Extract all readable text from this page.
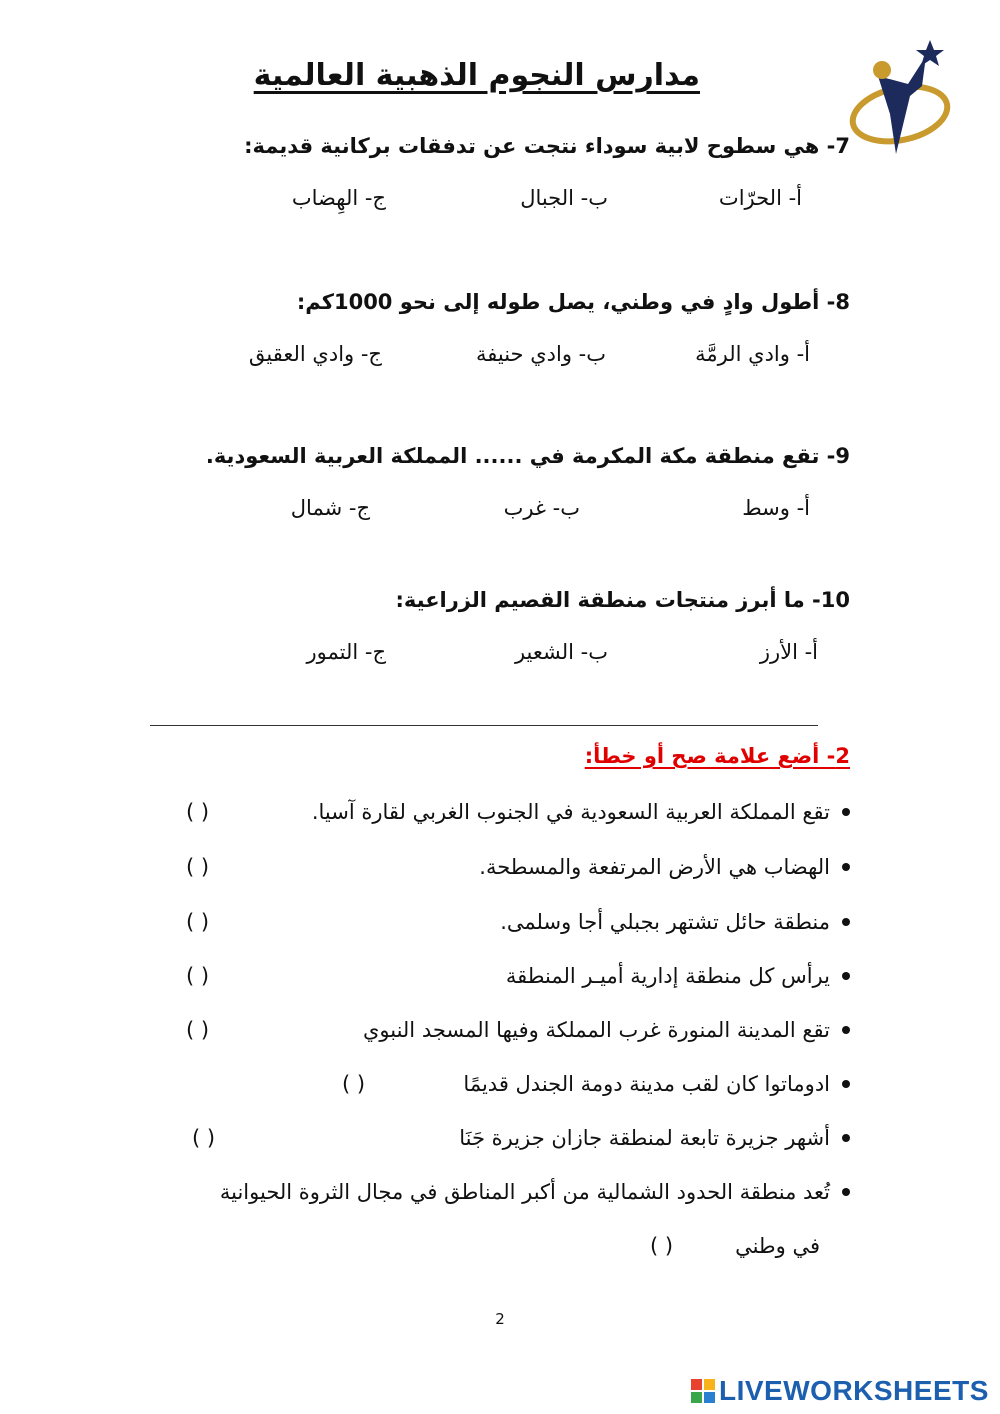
مدارس النجوم الذهبية العالمية
7- هي سطوح لابية سوداء نتجت عن تدفقات بركانية قديمة:
أ- الحرّات
ب- الجبال
ج- الهِضاب
8- أطول وادٍ في وطني، يصل طوله إلى نحو 1000كم:
أ- وادي الرمَّة
ب- وادي حنيفة
ج- وادي العقيق
9- تقع منطقة مكة المكرمة في ...... المملكة العربية السعودية.
أ- وسط
ب- غرب
ج- شمال
10- ما أبرز منتجات منطقة القصيم الزراعية:
أ- الأرز
ب- الشعير
ج- التمور
2- أضع علامة صح أو خطأ:
تقع المملكة العربية السعودية في الجنوب الغربي لقارة آسيا.
( )
الهضاب هي الأرض المرتفعة والمسطحة.
( )
منطقة حائل تشتهر بجبلي أجا وسلمى.
( )
يرأس كل منطقة إدارية أميـر المنطقة
( )
تقع المدينة المنورة غرب المملكة وفيها المسجد النبوي
( )
ادوماتوا كان لقب مدينة دومة الجندل قديمًا
( )
أشهر جزيرة تابعة لمنطقة جازان جزيرة جَنَا
( )
تُعد منطقة الحدود الشمالية من أكبر المناطق في مجال الثروة الحيوانية
في وطني
( )
2
LIVEWORKSHEETS
